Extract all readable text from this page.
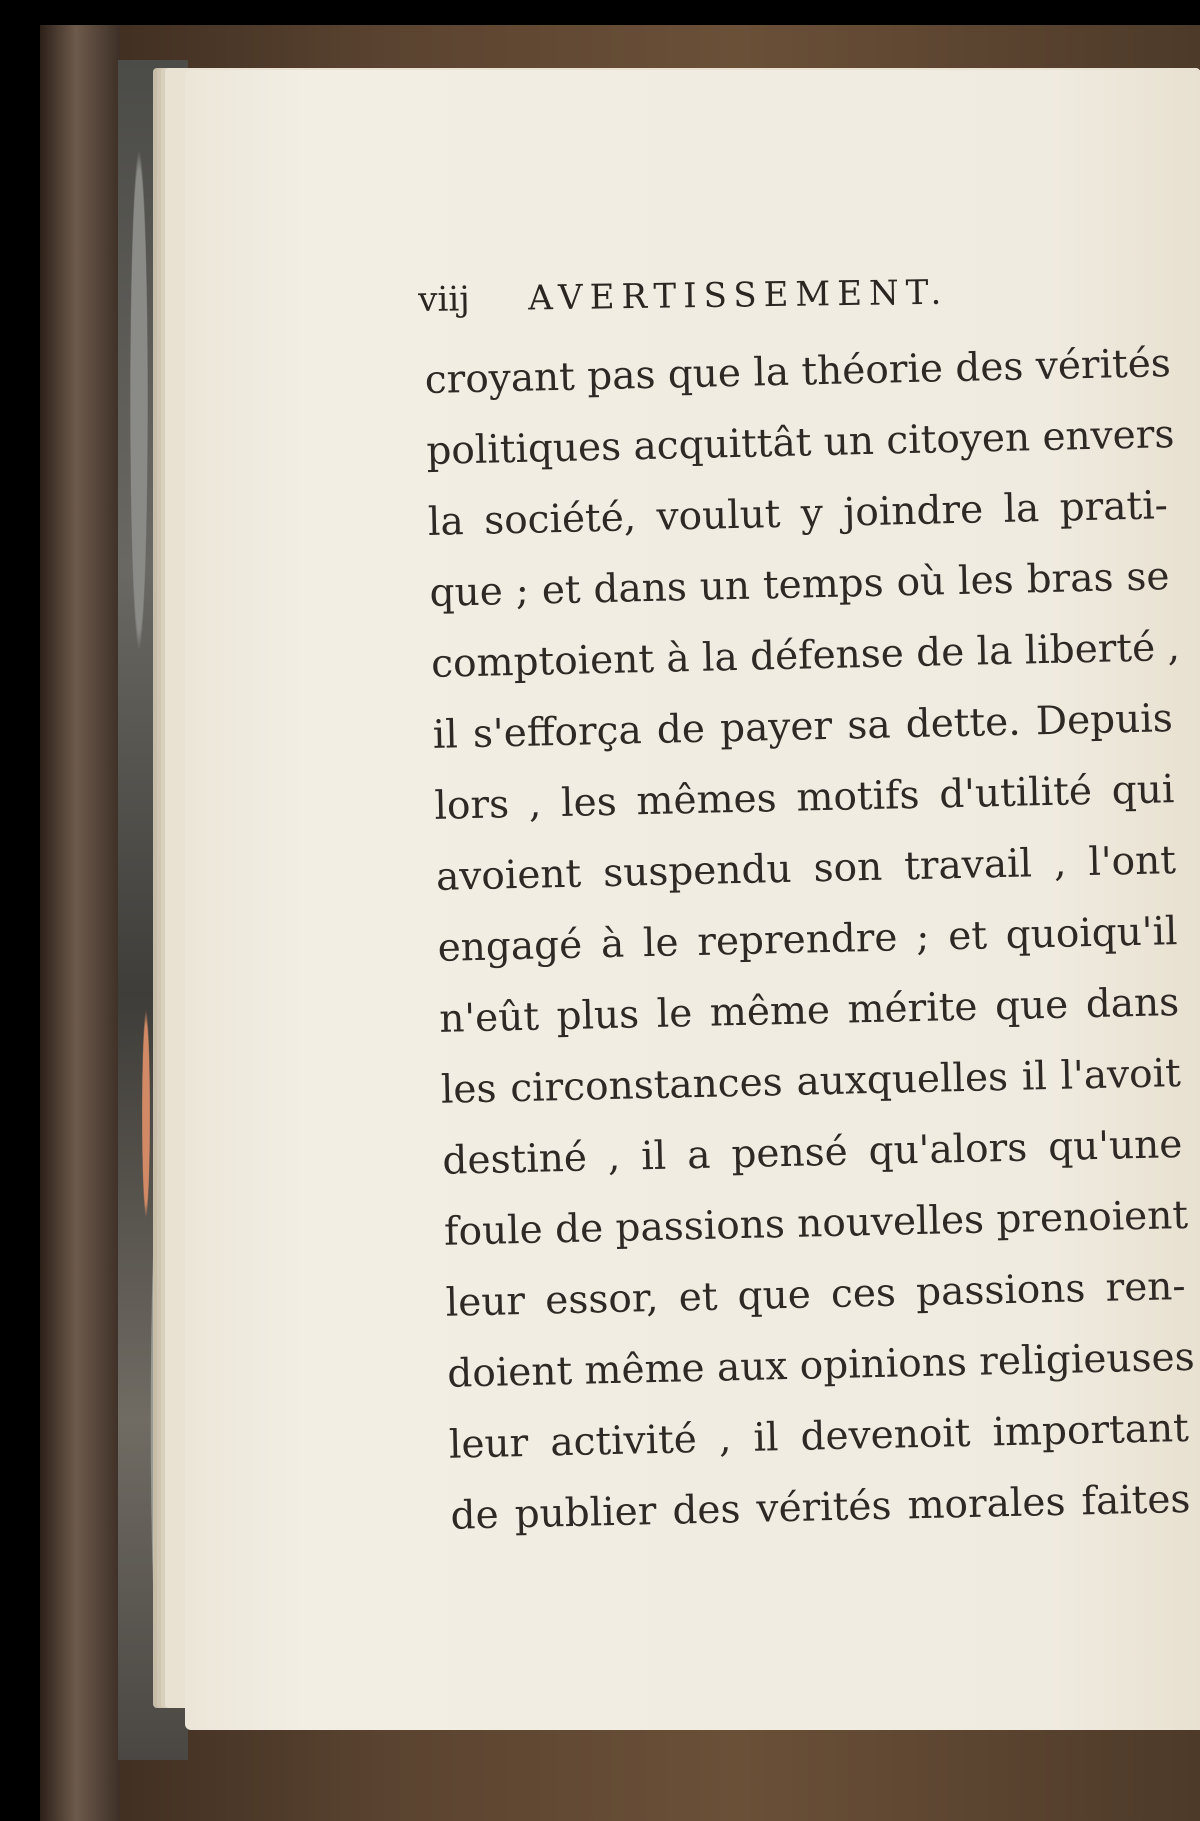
viij	AVERTISSEMENT.
croyant pas que la théorie des vérités
politiques acquittât un citoyen envers
la société, voulut y joindre la prati-
que ; et dans un temps où les bras se
comptoient à la défense de la liberté ,
il s'efforça de payer sa dette. Depuis
lors , les mêmes motifs d'utilité qui
avoient suspendu son travail , l'ont
engagé à le reprendre ; et quoiqu'il
n'eût plus le même mérite que dans
les circonstances auxquelles il l'avoit
destiné , il a pensé qu'alors qu'une
foule de passions nouvelles prenoient
leur essor, et que ces passions ren-
doient même aux opinions religieuses
leur activité , il devenoit important
de publier des vérités morales faites
